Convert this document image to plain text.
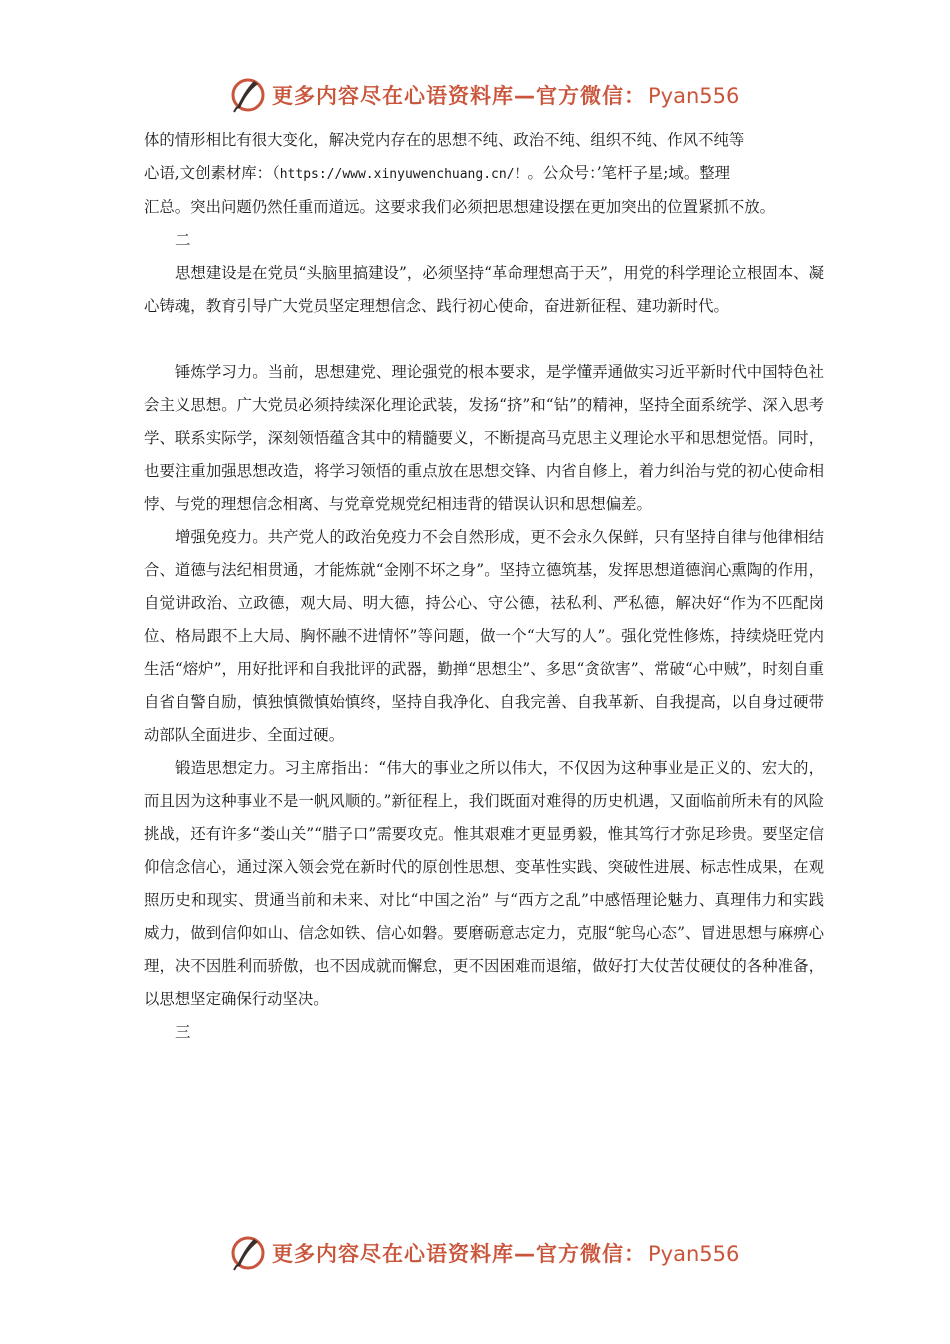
更多内容尽在心语资料库—官方微信：Pyan556

体的情形相比有很大变化，解决党内存在的思想不纯、政治不纯、组织不纯、作风不纯等

心语,文创素材库：（https://www.xinyuwenchuang.cn/！。公众号：’笔杆子星;域。整理

汇总。突出问题仍然任重而道远。这要求我们必须把思想建设摆在更加突出的位置紧抓不放。

二

思想建设是在党员“头脑里搞建设”，必须坚持“革命理想高于天”，用党的科学理论立根固本、凝心铸魂，教育引导广大党员坚定理想信念、践行初心使命，奋进新征程、建功新时代。

锤炼学习力。当前，思想建党、理论强党的根本要求，是学懂弄通做实习近平新时代中国特色社会主义思想。广大党员必须持续深化理论武装，发扬“挤”和“钻”的精神，坚持全面系统学、深入思考学、联系实际学，深刻领悟蕴含其中的精髓要义，不断提高马克思主义理论水平和思想觉悟。同时，也要注重加强思想改造，将学习领悟的重点放在思想交锋、内省自修上，着力纠治与党的初心使命相悖、与党的理想信念相离、与党章党规党纪相违背的错误认识和思想偏差。

增强免疫力。共产党人的政治免疫力不会自然形成，更不会永久保鲜，只有坚持自律与他律相结合、道德与法纪相贯通，才能炼就“金刚不坏之身”。坚持立德筑基，发挥思想道德润心熏陶的作用，自觉讲政治、立政德，观大局、明大德，持公心、守公德，祛私利、严私德，解决好“作为不匹配岗位、格局跟不上大局、胸怀融不进情怀”等问题，做一个“大写的人”。强化党性修炼，持续烧旺党内生活“熔炉”，用好批评和自我批评的武器，勤掸“思想尘”、多思“贪欲害”、常破“心中贼”，时刻自重自省自警自励，慎独慎微慎始慎终，坚持自我净化、自我完善、自我革新、自我提高，以自身过硬带动部队全面进步、全面过硬。

锻造思想定力。习主席指出：“伟大的事业之所以伟大，不仅因为这种事业是正义的、宏大的，而且因为这种事业不是一帆风顺的。”新征程上，我们既面对难得的历史机遇，又面临前所未有的风险挑战，还有许多“娄山关”“腊子口”需要攻克。惟其艰难才更显勇毅，惟其笃行才弥足珍贵。要坚定信仰信念信心，通过深入领会党在新时代的原创性思想、变革性实践、突破性进展、标志性成果，在观照历史和现实、贯通当前和未来、对比“中国之治” 与“西方之乱”中感悟理论魅力、真理伟力和实践威力，做到信仰如山、信念如铁、信心如磐。要磨砺意志定力，克服“鸵鸟心态”、冒进思想与麻痹心理，决不因胜利而骄傲，也不因成就而懈怠，更不因困难而退缩，做好打大仗苦仗硬仗的各种准备，以思想坚定确保行动坚决。

三

更多内容尽在心语资料库—官方微信：Pyan556
